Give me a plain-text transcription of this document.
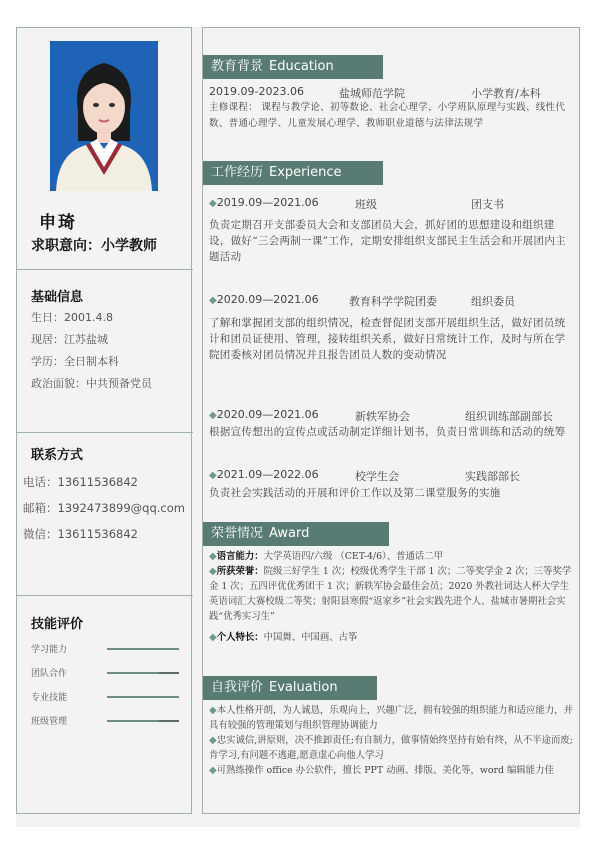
申琦
求职意向：小学教师
基础信息
生日：2001.4.8
现居：江苏盐城
学历：全日制本科
政治面貌：中共预备党员
联系方式
电话：13611536842
邮箱：1392473899@qq.com
微信：13611536842
技能评价
学习能力
团队合作
专业技能
班级管理
教育背景 Education
2019.09-2023.06	盐城师范学院	小学教育/本科
主修课程： 课程与教学论、初等数论、社会心理学、小学班队原理与实践、线性代数、普通心理学、儿童发展心理学、教师职业道德与法律法规学
工作经历 Experience
◆2019.09—2021.06	班级	团支书
负责定期召开支部委员大会和支部团员大会，抓好团的思想建设和组织建设，做好“三会两制一课”工作，定期安排组织支部民主生活会和开展团内主题活动
◆2020.09—2021.06	教育科学学院团委	组织委员
了解和掌握团支部的组织情况，检查督促团支部开展组织生活，做好团员统计和团员证使用、管理，接转组织关系，做好日常统计工作，及时与所在学院团委核对团员情况并且报告团员人数的变动情况
◆2020.09—2021.06	新轶军协会	组织训练部副部长
根据宣传想出的宣传点或活动制定详细计划书，负责日常训练和活动的统筹
◆2021.09—2022.06	校学生会	实践部部长
负责社会实践活动的开展和评价工作以及第二课堂服务的实施
荣誉情况 Award
◆语言能力：大学英语四/六级 （CET-4/6）、普通话二甲
◆所获荣誉：院级三好学生 1 次；校级优秀学生干部 1 次；二等奖学金 2 次；三等奖学金 1 次；五四评优优秀团干 1 次；新轶军协会最佳会员；2020 外教社词达人杯大学生英语词汇大赛校级二等奖；射阳县寒假“返家乡”社会实践先进个人、盐城市暑期社会实践“优秀实习生”
◆个人特长：中国舞、中国画、古筝
自我评价 Evaluation
◆本人性格开朗，为人诚恳，乐观向上，兴趣广泛，拥有较强的组织能力和适应能力，并具有较强的管理策划与组织管理协调能力
◆忠实诚信,讲原则，决不推卸责任;有自制力，做事情始终坚持有始有终，从不半途而废;肯学习,有问题不逃避,愿意虚心向他人学习
◆可熟练操作 office 办公软件，擅长 PPT 动画、排版、美化等，word 编辑能力佳
